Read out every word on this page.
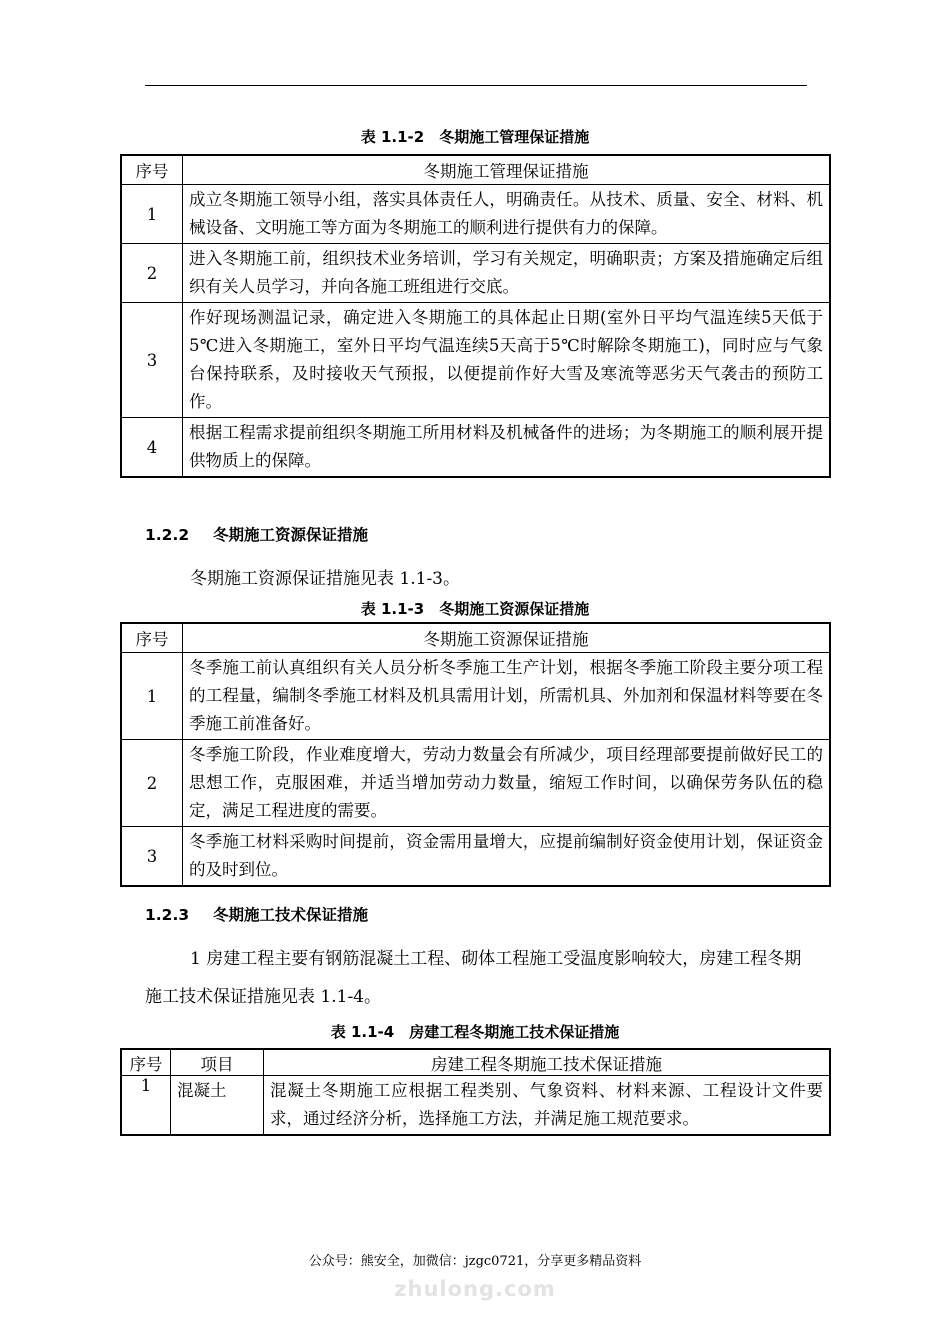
表 1.1-2　冬期施工管理保证措施
序号	冬期施工管理保证措施
1	成立冬期施工领导小组，落实具体责任人，明确责任。从技术、质量、安全、材料、机械设备、文明施工等方面为冬期施工的顺利进行提供有力的保障。
2	进入冬期施工前，组织技术业务培训，学习有关规定，明确职责；方案及措施确定后组织有关人员学习，并向各施工班组进行交底。
3	作好现场测温记录，确定进入冬期施工的具体起止日期(室外日平均气温连续5天低于5℃进入冬期施工，室外日平均气温连续5天高于5℃时解除冬期施工)，同时应与气象台保持联系，及时接收天气预报，以便提前作好大雪及寒流等恶劣天气袭击的预防工作。
4	根据工程需求提前组织冬期施工所用材料及机械备件的进场；为冬期施工的顺利展开提供物质上的保障。
1.2.2 冬期施工资源保证措施
冬期施工资源保证措施见表 1.1-3。
表 1.1-3　冬期施工资源保证措施
序号	冬期施工资源保证措施
1	冬季施工前认真组织有关人员分析冬季施工生产计划，根据冬季施工阶段主要分项工程的工程量，编制冬季施工材料及机具需用计划，所需机具、外加剂和保温材料等要在冬季施工前准备好。
2	冬季施工阶段，作业难度增大，劳动力数量会有所减少，项目经理部要提前做好民工的思想工作，克服困难，并适当增加劳动力数量，缩短工作时间，以确保劳务队伍的稳定，满足工程进度的需要。
3	冬季施工材料采购时间提前，资金需用量增大，应提前编制好资金使用计划，保证资金的及时到位。
1.2.3 冬期施工技术保证措施
1 房建工程主要有钢筋混凝土工程、砌体工程施工受温度影响较大，房建工程冬期施工技术保证措施见表 1.1-4。
表 1.1-4　房建工程冬期施工技术保证措施
序号	项目	房建工程冬期施工技术保证措施
1	混凝土	混凝土冬期施工应根据工程类别、气象资料、材料来源、工程设计文件要求，通过经济分析，选择施工方法，并满足施工规范要求。
公众号：熊安全，加微信：jzgc0721，分享更多精品资料
zhulong.com
